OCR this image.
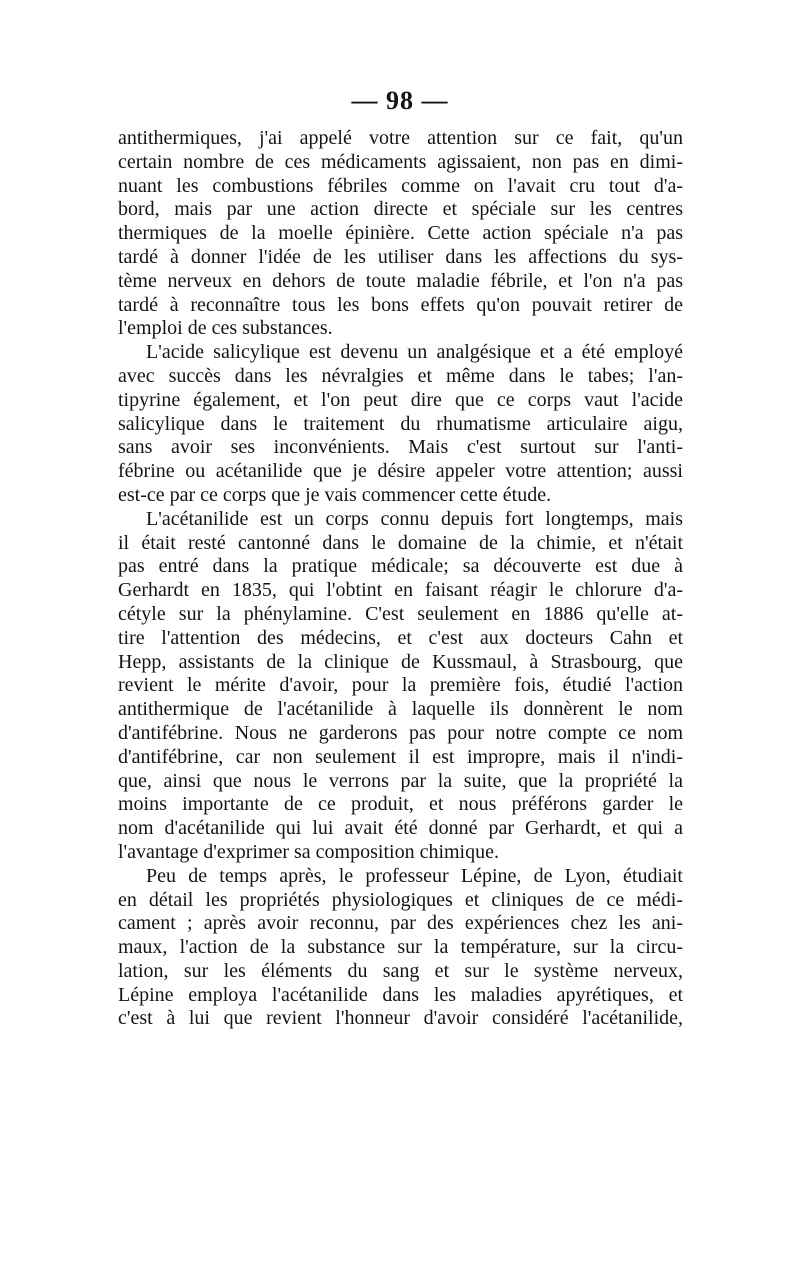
— 98 —
antithermiques, j'ai appelé votre attention sur ce fait, qu'un
certain nombre de ces médicaments agissaient, non pas en dimi-
nuant les combustions fébriles comme on l'avait cru tout d'a-
bord, mais par une action directe et spéciale sur les centres
thermiques de la moelle épinière. Cette action spéciale n'a pas
tardé à donner l'idée de les utiliser dans les affections du sys-
tème nerveux en dehors de toute maladie fébrile, et l'on n'a pas
tardé à reconnaître tous les bons effets qu'on pouvait retirer de
l'emploi de ces substances.
L'acide salicylique est devenu un analgésique et a été employé
avec succès dans les névralgies et même dans le tabes; l'an-
tipyrine également, et l'on peut dire que ce corps vaut l'acide
salicylique dans le traitement du rhumatisme articulaire aigu,
sans avoir ses inconvénients. Mais c'est surtout sur l'anti-
fébrine ou acétanilide que je désire appeler votre attention; aussi
est-ce par ce corps que je vais commencer cette étude.
L'acétanilide est un corps connu depuis fort longtemps, mais
il était resté cantonné dans le domaine de la chimie, et n'était
pas entré dans la pratique médicale; sa découverte est due à
Gerhardt en 1835, qui l'obtint en faisant réagir le chlorure d'a-
cétyle sur la phénylamine. C'est seulement en 1886 qu'elle at-
tire l'attention des médecins, et c'est aux docteurs Cahn et
Hepp, assistants de la clinique de Kussmaul, à Strasbourg, que
revient le mérite d'avoir, pour la première fois, étudié l'action
antithermique de l'acétanilide à laquelle ils donnèrent le nom
d'antifébrine. Nous ne garderons pas pour notre compte ce nom
d'antifébrine, car non seulement il est impropre, mais il n'indi-
que, ainsi que nous le verrons par la suite, que la propriété la
moins importante de ce produit, et nous préférons garder le
nom d'acétanilide qui lui avait été donné par Gerhardt, et qui a
l'avantage d'exprimer sa composition chimique.
Peu de temps après, le professeur Lépine, de Lyon, étudiait
en détail les propriétés physiologiques et cliniques de ce médi-
cament ; après avoir reconnu, par des expériences chez les ani-
maux, l'action de la substance sur la température, sur la circu-
lation, sur les éléments du sang et sur le système nerveux,
Lépine employa l'acétanilide dans les maladies apyrétiques, et
c'est à lui que revient l'honneur d'avoir considéré l'acétanilide,
